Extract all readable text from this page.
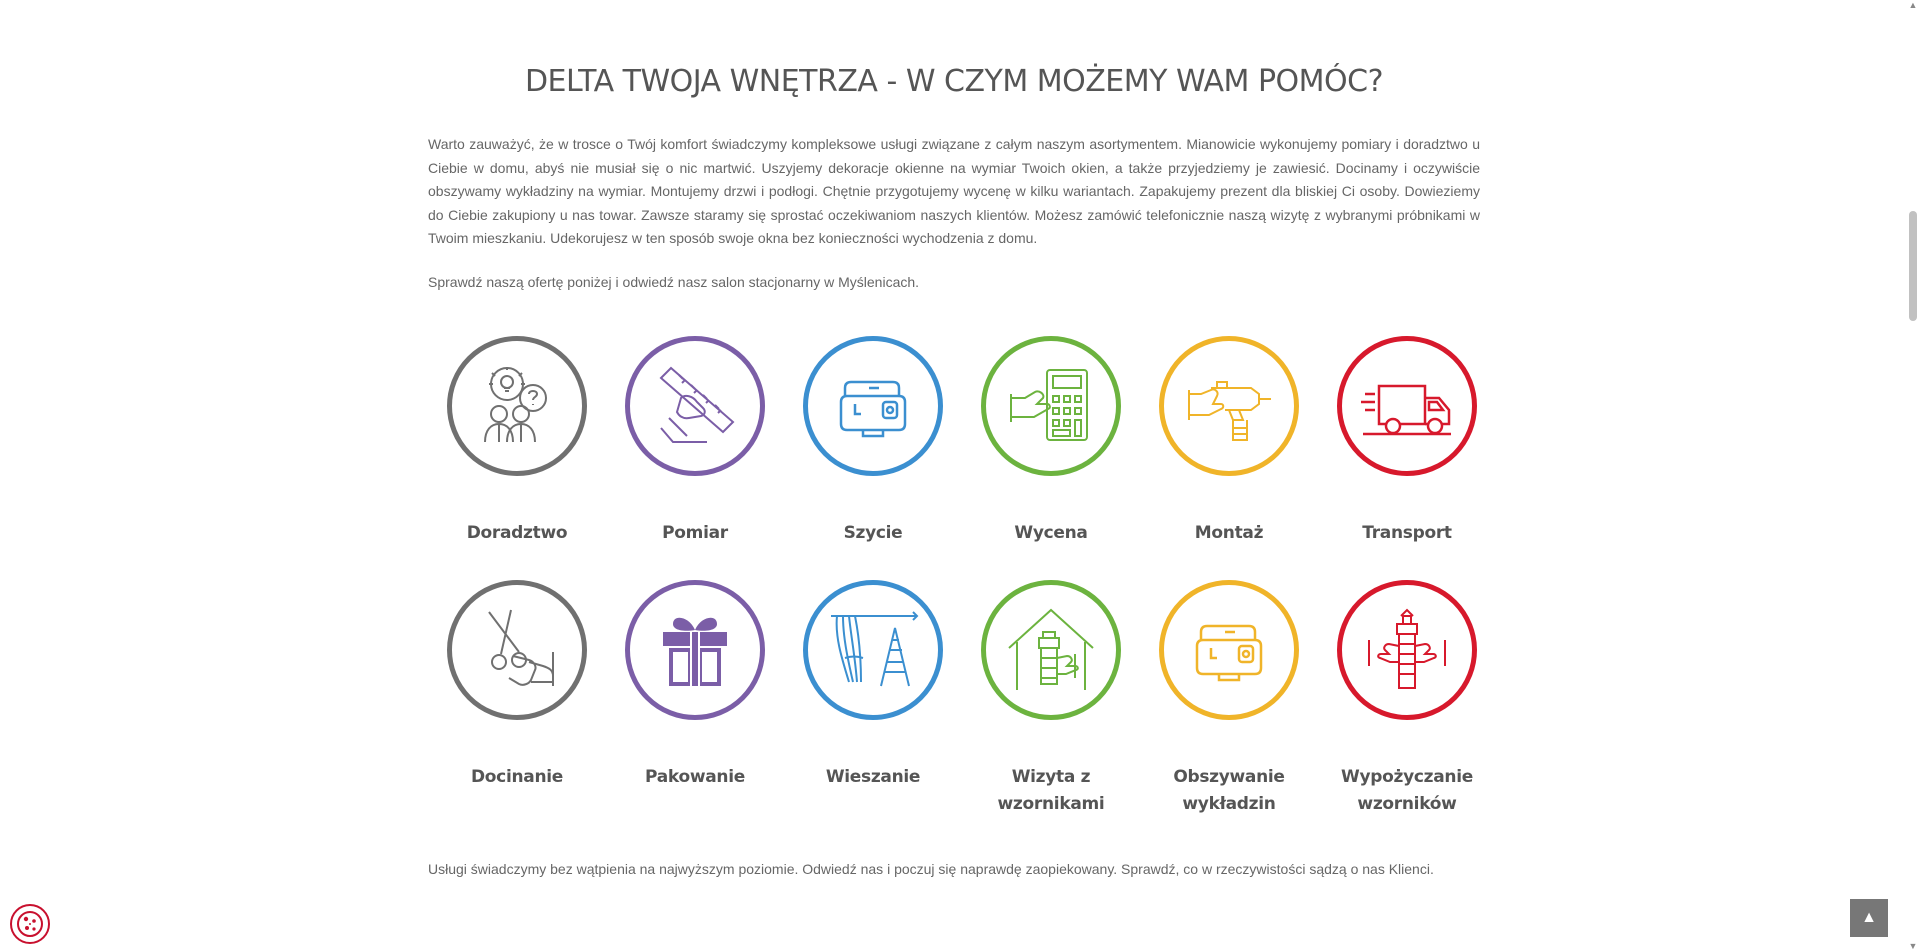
DELTA TWOJA WNĘTRZA - W CZYM MOŻEMY WAM POMÓC?

Warto zauważyć, że w trosce o Twój komfort świadczymy kompleksowe usługi związane z całym naszym asortymentem. Mianowicie wykonujemy pomiary i doradztwo u Ciebie w domu, abyś nie musiał się o nic martwić. Uszyjemy dekoracje okienne na wymiar Twoich okien, a także przyjedziemy je zawiesić. Docinamy i oczywiście obszywamy wykładziny na wymiar. Montujemy drzwi i podłogi. Chętnie przygotujemy wycenę w kilku wariantach. Zapakujemy prezent dla bliskiej Ci osoby. Dowieziemy do Ciebie zakupiony u nas towar. Zawsze staramy się sprostać oczekiwaniom naszych klientów. Możesz zamówić telefonicznie naszą wizytę z wybranymi próbnikami w Twoim mieszkaniu. Udekorujesz w ten sposób swoje okna bez konieczności wychodzenia z domu.

Sprawdź naszą ofertę poniżej i odwiedź nasz salon stacjonarny w Myślenicach.

Doradztwo	Pomiar	Szycie	Wycena	Montaż	Transport
Docinanie	Pakowanie	Wieszanie	Wizyta z wzornikami
Obszywanie wykładzin
Wypożyczanie wzorników

Usługi świadczymy bez wątpienia na najwyższym poziomie. Odwiedź nas i poczuj się naprawdę zaopiekowany. Sprawdź, co w rzeczywistości sądzą o nas Klienci.

▲
▲
▼
